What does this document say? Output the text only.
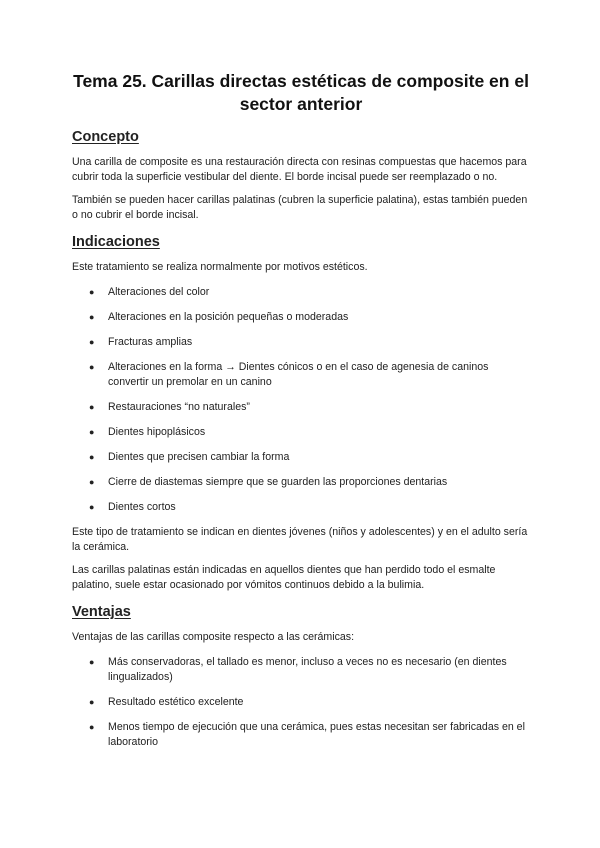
Tema 25. Carillas directas estéticas de composite en el sector anterior
Concepto

Una carilla de composite es una restauración directa con resinas compuestas que hacemos para cubrir toda la superficie vestibular del diente. El borde incisal puede ser reemplazado o no.

También se pueden hacer carillas palatinas (cubren la superficie palatina), estas también pueden o no cubrir el borde incisal.

Indicaciones

Este tratamiento se realiza normalmente por motivos estéticos.

● Alteraciones del color
● Alteraciones en la posición pequeñas o moderadas
● Fracturas amplias
● Alteraciones en la forma → Dientes cónicos o en el caso de agenesia de caninos convertir un premolar en un canino
● Restauraciones “no naturales”
● Dientes hipoplásicos
● Dientes que precisen cambiar la forma
● Cierre de diastemas siempre que se guarden las proporciones dentarias
● Dientes cortos

Este tipo de tratamiento se indican en dientes jóvenes (niños y adolescentes) y en el adulto sería la cerámica.

Las carillas palatinas están indicadas en aquellos dientes que han perdido todo el esmalte palatino, suele estar ocasionado por vómitos continuos debido a la bulimia.

Ventajas

Ventajas de las carillas composite respecto a las cerámicas:

● Más conservadoras, el tallado es menor, incluso a veces no es necesario (en dientes lingualizados)
● Resultado estético excelente
● Menos tiempo de ejecución que una cerámica, pues estas necesitan ser fabricadas en el laboratorio
